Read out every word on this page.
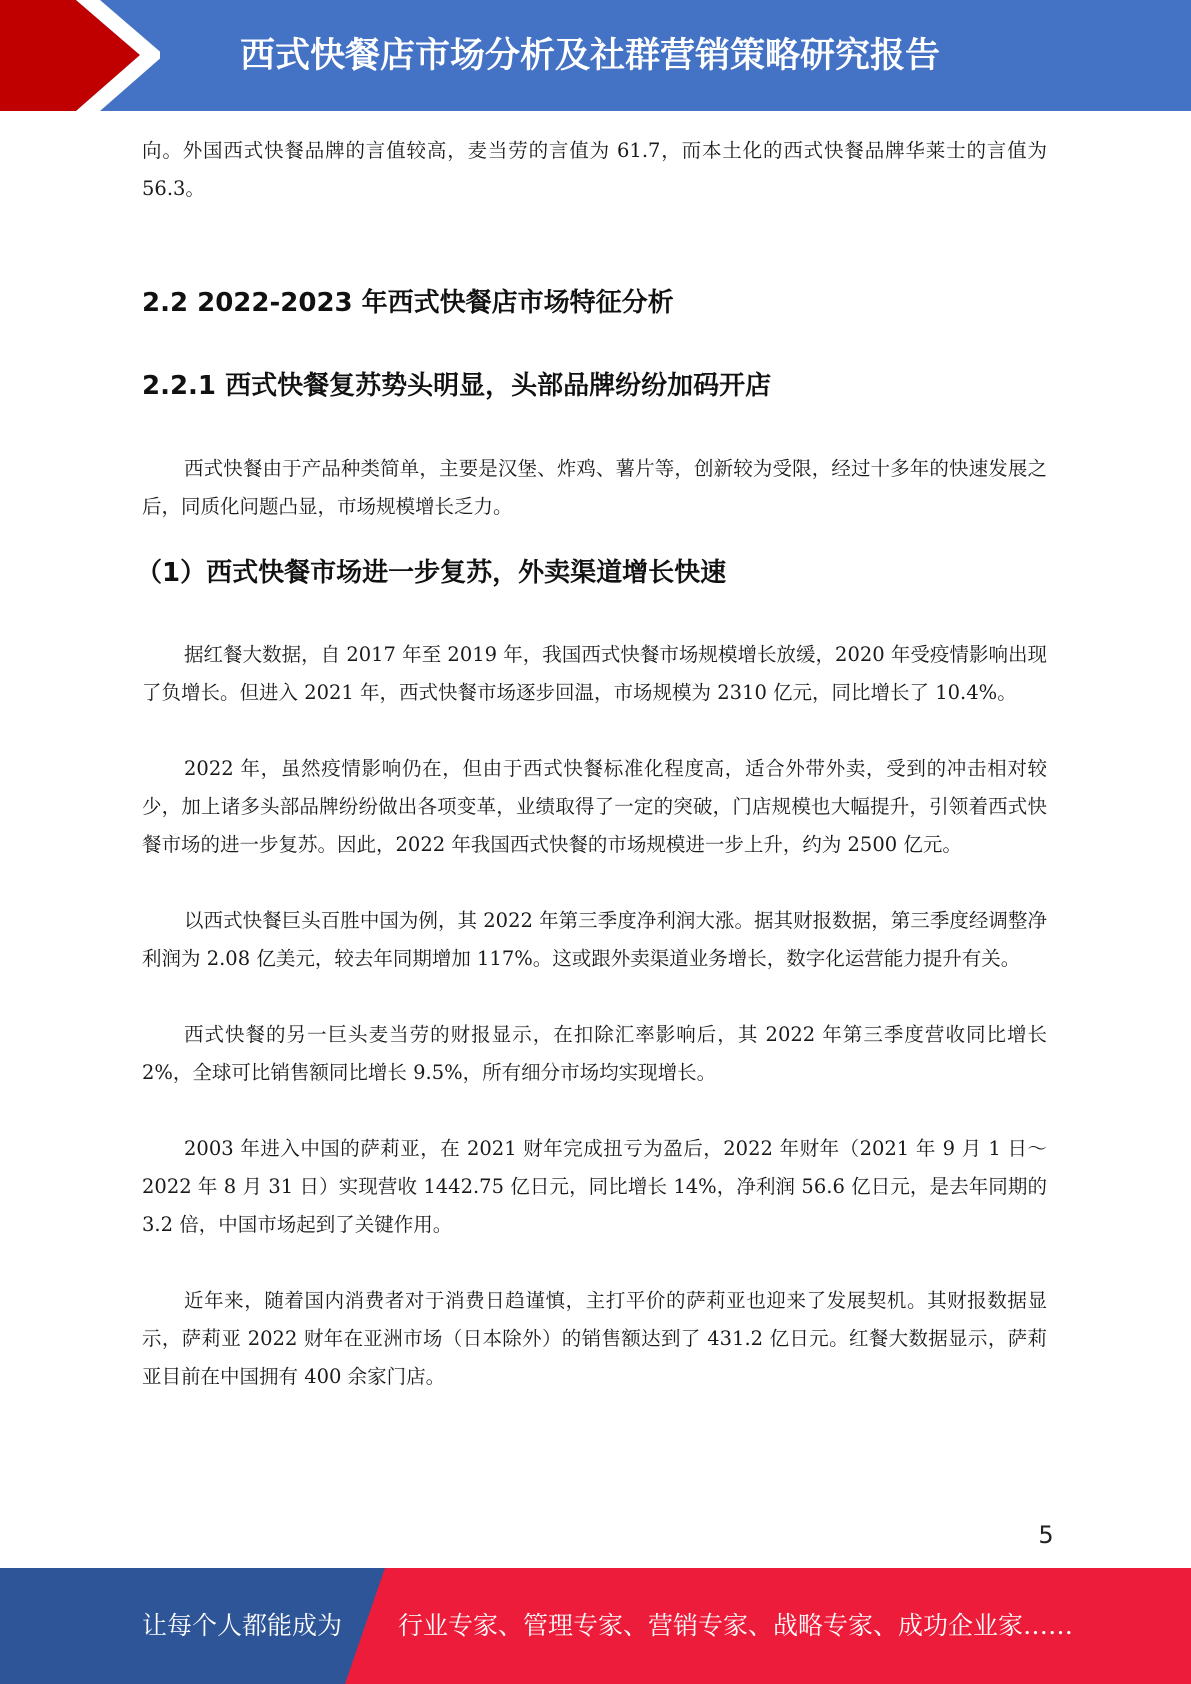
西式快餐店市场分析及社群营销策略研究报告

向。外国西式快餐品牌的言值较高，麦当劳的言值为 61.7，而本土化的西式快餐品牌华莱士的言值为 56.3。

2.2 2022-2023 年西式快餐店市场特征分析
2.2.1 西式快餐复苏势头明显，头部品牌纷纷加码开店

西式快餐由于产品种类简单，主要是汉堡、炸鸡、薯片等，创新较为受限，经过十多年的快速发展之后，同质化问题凸显，市场规模增长乏力。

（1）西式快餐市场进一步复苏，外卖渠道增长快速

据红餐大数据，自 2017 年至 2019 年，我国西式快餐市场规模增长放缓，2020 年受疫情影响出现了负增长。但进入 2021 年，西式快餐市场逐步回温，市场规模为 2310 亿元，同比增长了 10.4%。

2022 年，虽然疫情影响仍在，但由于西式快餐标准化程度高，适合外带外卖，受到的冲击相对较少，加上诸多头部品牌纷纷做出各项变革，业绩取得了一定的突破，门店规模也大幅提升，引领着西式快餐市场的进一步复苏。因此，2022 年我国西式快餐的市场规模进一步上升，约为 2500 亿元。

以西式快餐巨头百胜中国为例，其 2022 年第三季度净利润大涨。据其财报数据，第三季度经调整净利润为 2.08 亿美元，较去年同期增加 117%。这或跟外卖渠道业务增长，数字化运营能力提升有关。

西式快餐的另一巨头麦当劳的财报显示，在扣除汇率影响后，其 2022 年第三季度营收同比增长 2%，全球可比销售额同比增长 9.5%，所有细分市场均实现增长。

2003 年进入中国的萨莉亚，在 2021 财年完成扭亏为盈后，2022 年财年（2021 年 9 月 1 日～2022 年 8 月 31 日）实现营收 1442.75 亿日元，同比增长 14%，净利润 56.6 亿日元，是去年同期的 3.2 倍，中国市场起到了关键作用。

近年来，随着国内消费者对于消费日趋谨慎，主打平价的萨莉亚也迎来了发展契机。其财报数据显示，萨莉亚 2022 财年在亚洲市场（日本除外）的销售额达到了 431.2 亿日元。红餐大数据显示，萨莉亚目前在中国拥有 400 余家门店。

5
让每个人都能成为 行业专家、管理专家、营销专家、战略专家、成功企业家……
